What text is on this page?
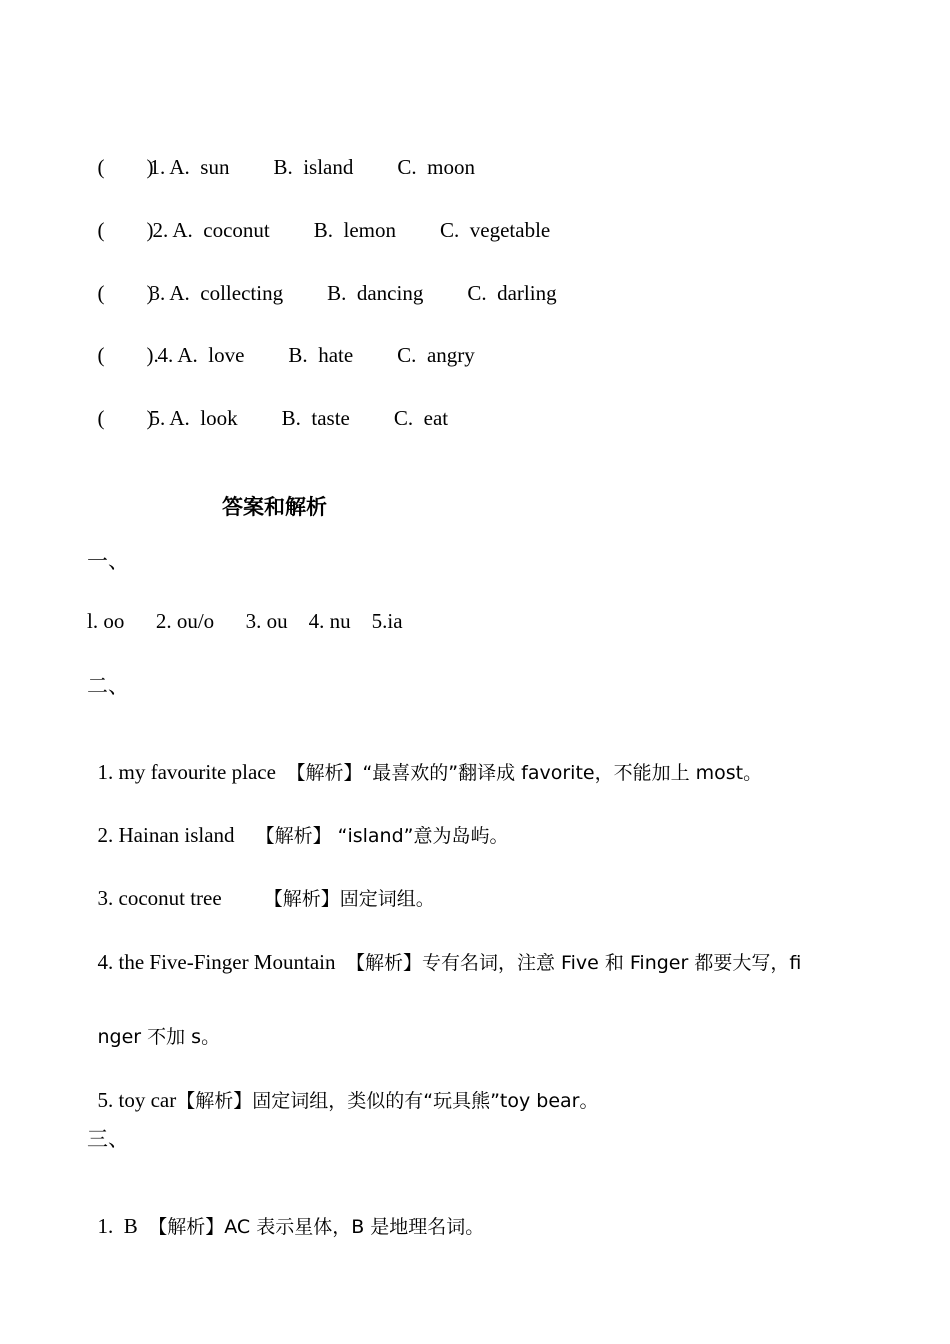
(        )1. A. sun B. island C. moon

(        )2. A. coconut B. lemon C. vegetable

(        )3. A. collecting B. dancing C. darling

(        ).4. A. love B. hate C. angry

(        )5. A. look B. taste C. eat

答案和解析
一、
l. oo      2. ou/o      3. ou    4. nu    5.ia
二、

1. my favourite place  【解析】“最喜欢的”翻译成 favorite，不能加上 most。

2. Hainan island    【解析】 “island”意为岛屿。

3. coconut tree        【解析】固定词组。

4. the Five-Finger Mountain  【解析】专有名词，注意 Five 和 Finger 都要大写，fi

nger 不加 s。

5. toy car【解析】固定词组，类似的有“玩具熊”toy bear。

三、

1.  B  【解析】AC 表示星体，B 是地理名词。
